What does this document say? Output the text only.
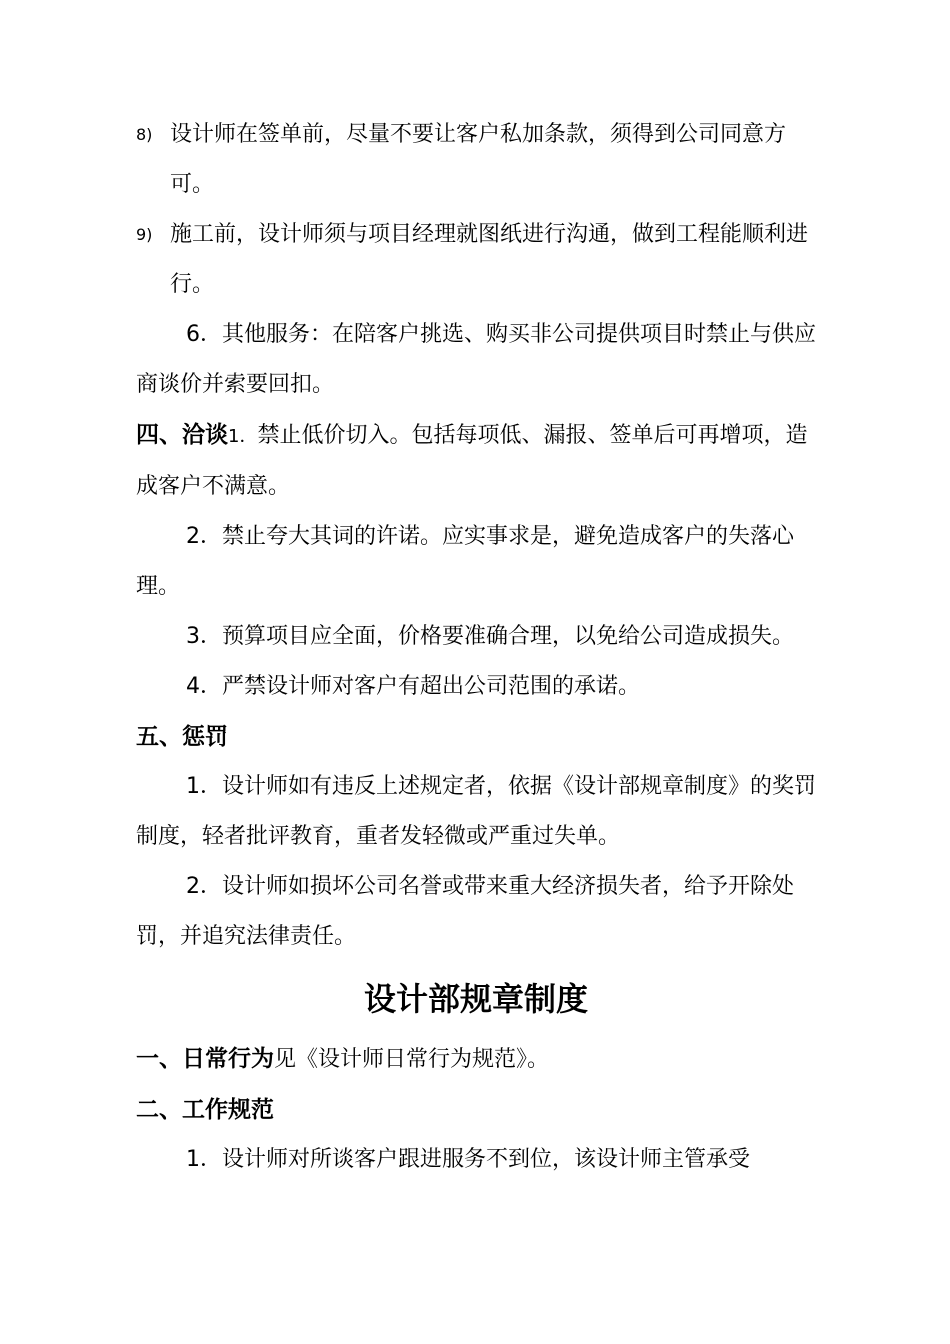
8) 设计师在签单前，尽量不要让客户私加条款，须得到公司同意方可。
9) 施工前，设计师须与项目经理就图纸进行沟通，做到工程能顺利进行。
6．其他服务：在陪客户挑选、购买非公司提供项目时禁止与供应商谈价并索要回扣。
四、洽谈1．禁止低价切入。包括每项低、漏报、签单后可再增项，造成客户不满意。
2．禁止夸大其词的许诺。应实事求是，避免造成客户的失落心理。
3．预算项目应全面，价格要准确合理，以免给公司造成损失。
4．严禁设计师对客户有超出公司范围的承诺。
五、惩罚
1．设计师如有违反上述规定者，依据《设计部规章制度》的奖罚制度，轻者批评教育，重者发轻微或严重过失单。
2．设计师如损坏公司名誉或带来重大经济损失者，给予开除处罚，并追究法律责任。
设计部规章制度
一、日常行为见《设计师日常行为规范》。
二、工作规范
1．设计师对所谈客户跟进服务不到位，该设计师主管承受
